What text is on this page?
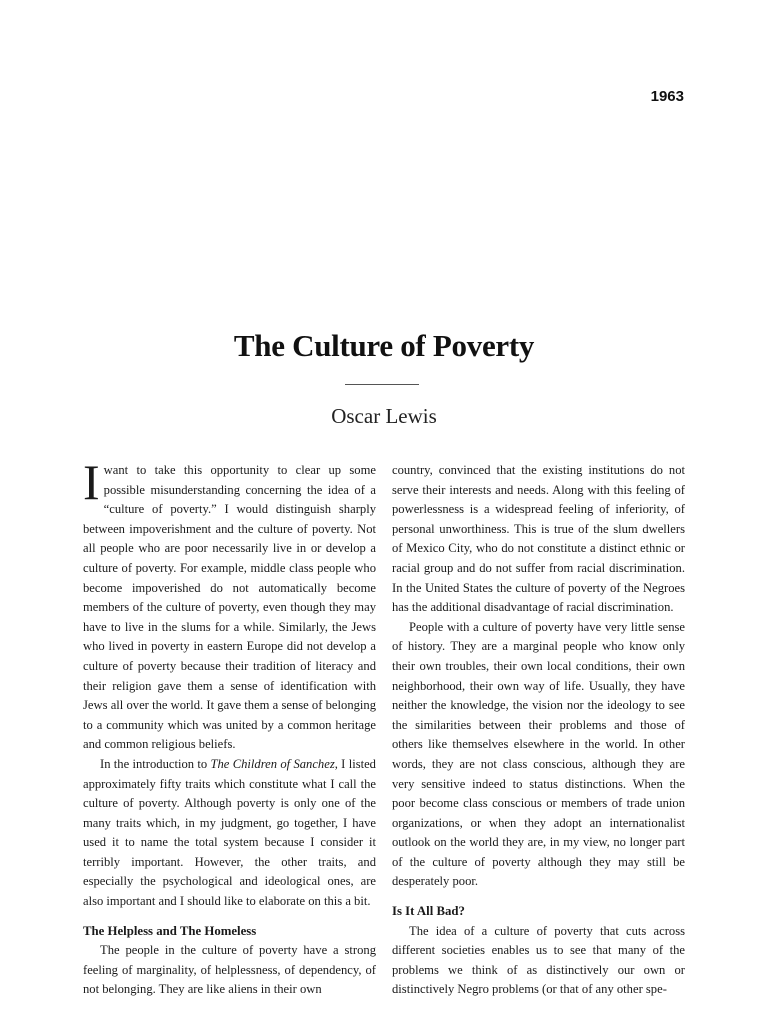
1963
The Culture of Poverty
Oscar Lewis

I want to take this opportunity to clear up some possible misunderstanding concerning the idea of a “culture of poverty.” I would distinguish sharply between impoverishment and the culture of poverty. Not all people who are poor necessarily live in or develop a culture of poverty. For example, middle class people who become impoverished do not automatically become members of the culture of poverty, even though they may have to live in the slums for a while. Similarly, the Jews who lived in poverty in eastern Europe did not develop a culture of poverty because their tradition of literacy and their religion gave them a sense of identification with Jews all over the world. It gave them a sense of belonging to a community which was united by a common heritage and common religious beliefs.

In the introduction to The Children of Sanchez, I listed approximately fifty traits which constitute what I call the culture of poverty. Although poverty is only one of the many traits which, in my judgment, go together, I have used it to name the total system because I consider it terribly important. However, the other traits, and especially the psychological and ideological ones, are also important and I should like to elaborate on this a bit.

The Helpless and The Homeless

The people in the culture of poverty have a strong feeling of marginality, of helplessness, of dependency, of not belonging. They are like aliens in their own

country, convinced that the existing institutions do not serve their interests and needs. Along with this feeling of powerlessness is a widespread feeling of inferiority, of personal unworthiness. This is true of the slum dwellers of Mexico City, who do not constitute a distinct ethnic or racial group and do not suffer from racial discrimination. In the United States the culture of poverty of the Negroes has the additional disadvantage of racial discrimination.

People with a culture of poverty have very little sense of history. They are a marginal people who know only their own troubles, their own local conditions, their own neighborhood, their own way of life. Usually, they have neither the knowledge, the vision nor the ideology to see the similarities between their problems and those of others like themselves elsewhere in the world. In other words, they are not class conscious, although they are very sensitive indeed to status distinctions. When the poor become class conscious or members of trade union organizations, or when they adopt an internationalist outlook on the world they are, in my view, no longer part of the culture of poverty although they may still be desperately poor.

Is It All Bad?

The idea of a culture of poverty that cuts across different societies enables us to see that many of the problems we think of as distinctively our own or distinctively Negro problems (or that of any other spe-
